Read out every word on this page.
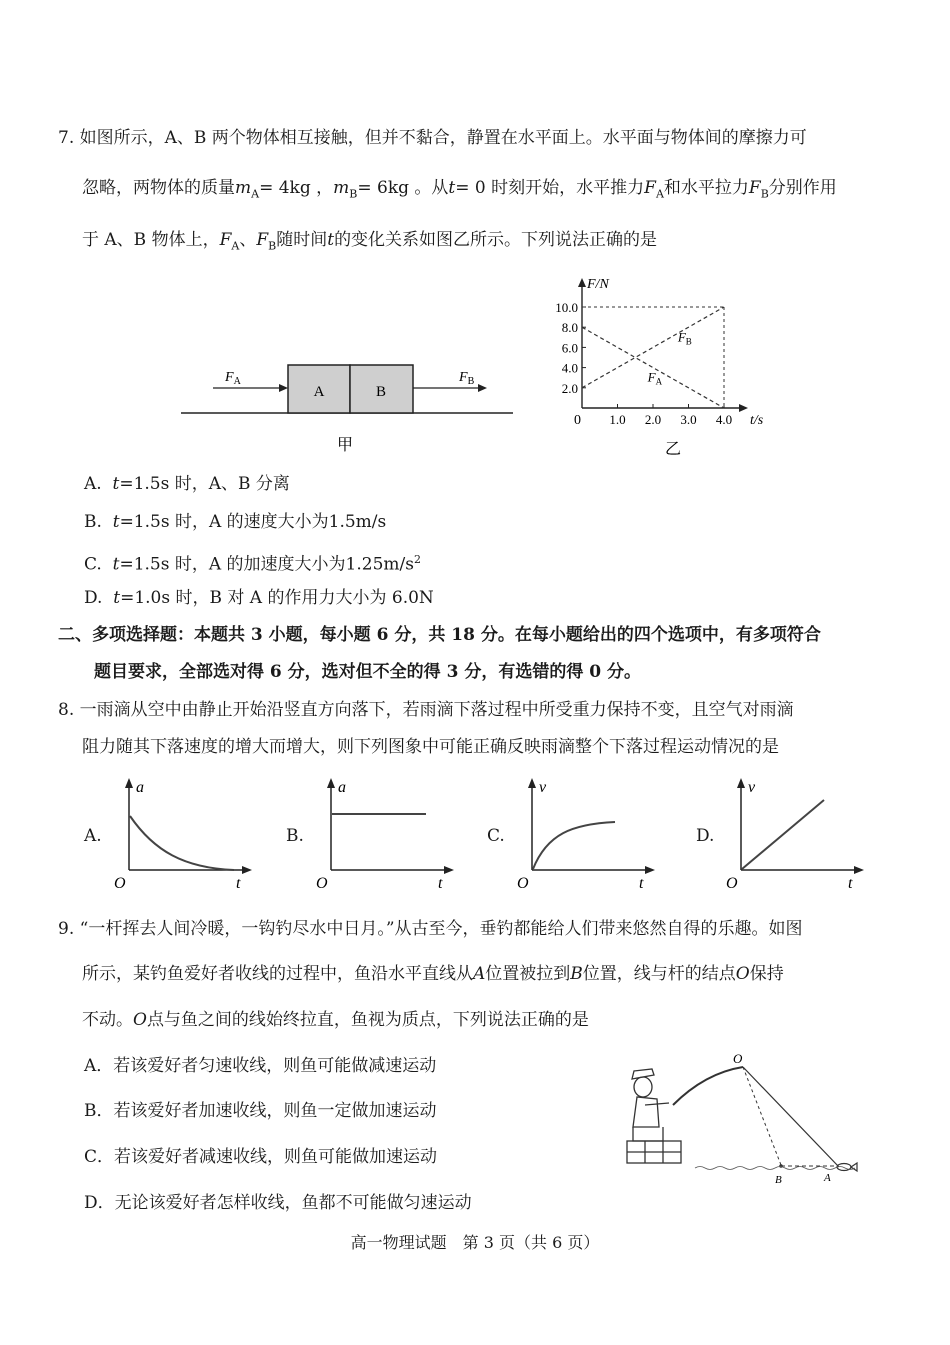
7. 如图所示，A、B 两个物体相互接触，但并不黏合，静置在水平面上。水平面与物体间的摩擦力可
忽略，两物体的质量$m_A= 4kg$ ，$m_B= 6kg$ 。从t= 0 时刻开始，水平推力$F_A$和水平拉力$F_B$分别作用
于 A、B 物体上，$F_A$、$F_B$随时间t的变化关系如图乙所示。下列说法正确的是
A	B
$F_A$	$F_B$
甲
F/N
t/s
0
10.0
8.0
6.0
4.0
2.0
1.0 2.0 3.0 4.0
$F_B$
$F_A$
乙
A. t=1.5s 时，A、B 分离
B. t=1.5s 时，A 的速度大小为1.5m/s
C. t=1.5s 时，A 的加速度大小为$1.25m/s^2$
D. t=1.0s 时，B 对 A 的作用力大小为 6.0N
二、多项选择题：本题共 3 小题，每小题 6 分，共 18 分。在每小题给出的四个选项中，有多项符合
题目要求，全部选对得 6 分，选对但不全的得 3 分，有选错的得 0 分。
8. 一雨滴从空中由静止开始沿竖直方向落下，若雨滴下落过程中所受重力保持不变，且空气对雨滴
阻力随其下落速度的增大而增大，则下列图象中可能正确反映雨滴整个下落过程运动情况的是
A.
a
O	t
B.
a
O	t
C.
v
O	t
D.
v
O	t
9. “一杆挥去人间冷暖，一钩钓尽水中日月。”从古至今，垂钓都能给人们带来悠然自得的乐趣。如图
所示，某钓鱼爱好者收线的过程中，鱼沿水平直线从A位置被拉到B位置，线与杆的结点O保持
不动。O点与鱼之间的线始终拉直，鱼视为质点，下列说法正确的是
A．若该爱好者匀速收线，则鱼可能做减速运动
B．若该爱好者加速收线，则鱼一定做加速运动
C．若该爱好者减速收线，则鱼可能做加速运动
D．无论该爱好者怎样收线，鱼都不可能做匀速运动
O
B	A
高一物理试题　第 3 页（共 6 页）
